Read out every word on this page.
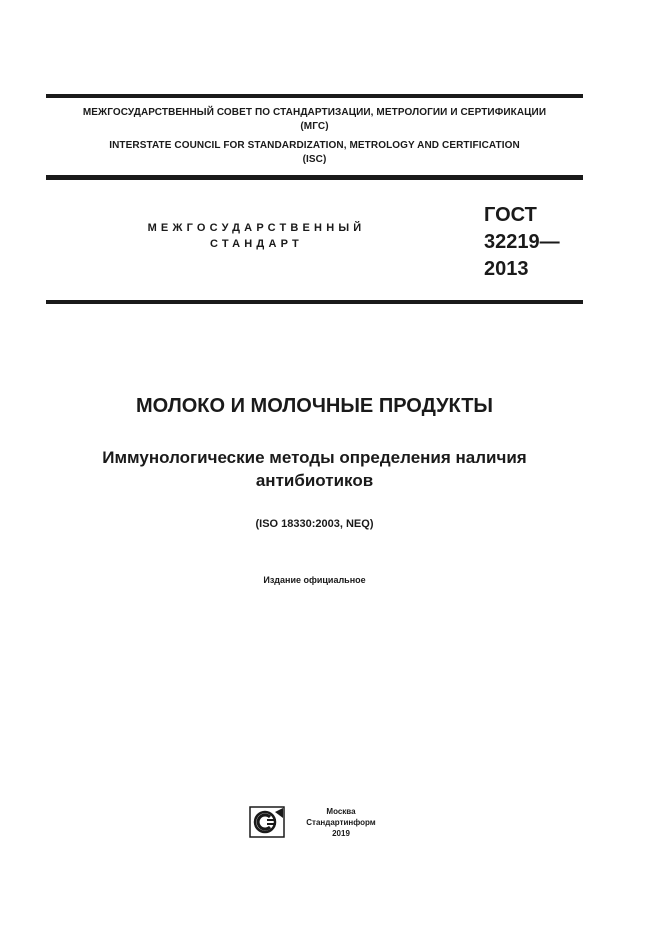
МЕЖГОСУДАРСТВЕННЫЙ СОВЕТ ПО СТАНДАРТИЗАЦИИ, МЕТРОЛОГИИ И СЕРТИФИКАЦИИ
(МГС)
INTERSTATE COUNCIL FOR STANDARDIZATION, METROLOGY AND CERTIFICATION
(ISC)
МЕЖГОСУДАРСТВЕННЫЙ
СТАНДАРТ
ГОСТ
32219—
2013
МОЛОКО И МОЛОЧНЫЕ ПРОДУКТЫ
Иммунологические методы определения наличия
антибиотиков
(ISO 18330:2003, NEQ)
Издание официальное
Москва
Стандартинформ
2019
